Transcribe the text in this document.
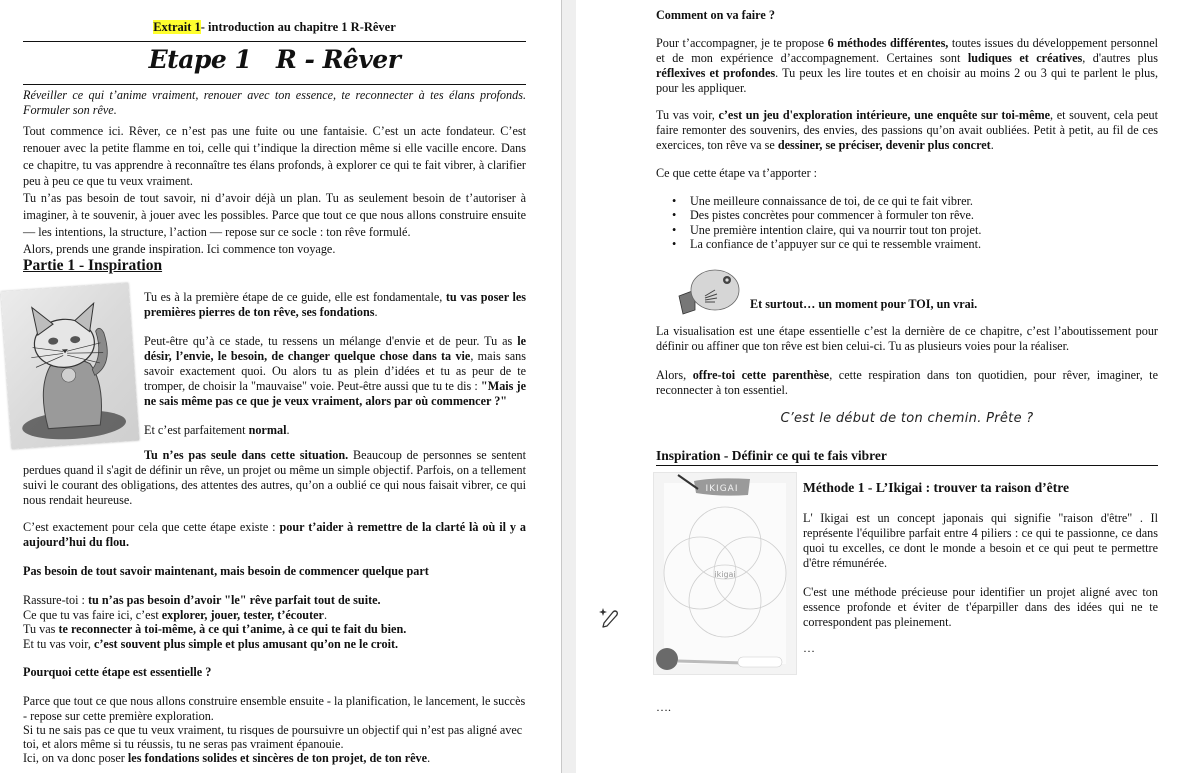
Extrait 1- introduction au chapitre 1 R-Rêver
Etape 1   R - Rêver
Réveiller ce qui t’anime vraiment, renouer avec ton essence, te reconnecter à tes élans profonds. Formuler son rêve.
Tout commence ici. Rêver, ce n’est pas une fuite ou une fantaisie. C’est un acte fondateur. C’est renouer avec la petite flamme en toi, celle qui t’indique la direction même si elle vacille encore. Dans ce chapitre, tu vas apprendre à reconnaître tes élans profonds, à explorer ce qui te fait vibrer, à clarifier peu à peu ce que tu veux vraiment.
Tu n’as pas besoin de tout savoir, ni d’avoir déjà un plan. Tu as seulement besoin de t’autoriser à imaginer, à te souvenir, à jouer avec les possibles. Parce que tout ce que nous allons construire ensuite — les intentions, la structure, l’action — repose sur ce socle : ton rêve formulé.
Alors, prends une grande inspiration. Ici commence ton voyage.
Partie 1 - Inspiration

Tu es à la première étape de ce guide, elle est fondamentale, tu vas poser les premières pierres de ton rêve, ses fondations.

Peut-être qu’à ce stade, tu ressens un mélange d'envie et de peur. Tu as le désir, l’envie, le besoin, de changer quelque chose dans ta vie, mais sans savoir exactement quoi. Ou alors tu as plein d’idées et tu as peur de te tromper, de choisir la "mauvaise" voie. Peut-être aussi que tu te dis : "Mais je ne sais même pas ce que je veux vraiment, alors par où commencer ?"

Et c’est parfaitement normal.

Tu n’es pas seule dans cette situation. Beaucoup de personnes se sentent perdues quand il s'agit de définir un rêve, un projet ou même un simple objectif. Parfois, on a tellement suivi le courant des obligations, des attentes des autres, qu’on a oublié ce qui nous faisait vibrer, ce qui nous rendait heureuse.

C’est exactement pour cela que cette étape existe : pour t’aider à remettre de la clarté là où il y a aujourd’hui du flou.

Pas besoin de tout savoir maintenant, mais besoin de commencer quelque part

Rassure-toi : tu n’as pas besoin d’avoir "le" rêve parfait tout de suite.
Ce que tu vas faire ici, c’est explorer, jouer, tester, t’écouter.
Tu vas te reconnecter à toi-même, à ce qui t’anime, à ce qui te fait du bien.
Et tu vas voir, c’est souvent plus simple et plus amusant qu’on ne le croit.

Pourquoi cette étape est essentielle ?

Parce que tout ce que nous allons construire ensemble ensuite - la planification, le lancement, le succès - repose sur cette première exploration.
Si tu ne sais pas ce que tu veux vraiment, tu risques de poursuivre un objectif qui n’est pas aligné avec toi, et alors même si tu réussis, tu ne seras pas vraiment épanouie.
Ici, on va donc poser les fondations solides et sincères de ton projet, de ton rêve.

Comment on va faire ?

Pour t’accompagner, je te propose 6 méthodes différentes, toutes issues du développement personnel et de mon expérience d’accompagnement. Certaines sont ludiques et créatives, d'autres plus réflexives et profondes. Tu peux les lire toutes et en choisir au moins 2 ou 3 qui te parlent le plus, pour les appliquer.

Tu vas voir, c’est un jeu d'exploration intérieure, une enquête sur toi-même, et souvent, cela peut faire remonter des souvenirs, des envies, des passions qu’on avait oubliées. Petit à petit, au fil de ces exercices, ton rêve va se dessiner, se préciser, devenir plus concret.

Ce que cette étape va t’apporter :
• Une meilleure connaissance de toi, de ce qui te fait vibrer.
• Des pistes concrètes pour commencer à formuler ton rêve.
• Une première intention claire, qui va nourrir tout ton projet.
• La confiance de t’appuyer sur ce qui te ressemble vraiment.
Et surtout… un moment pour TOI, un vrai.

La visualisation est une étape essentielle c’est la dernière de ce chapitre, c’est l’aboutissement pour définir ou affiner que ton rêve est bien celui-ci. Tu as plusieurs voies pour la réaliser.

Alors, offre-toi cette parenthèse, cette respiration dans ton quotidien, pour rêver, imaginer, te reconnecter à ton essentiel.

C’est le début de ton chemin. Prête ?
Inspiration - Définir ce qui te fais vibrer
IKIGAI
ikigai
Méthode 1 - L’Ikigai : trouver ta raison d’être

L' Ikigai est un concept japonais qui signifie "raison d'être" . Il représente l'équilibre parfait entre 4 piliers : ce qui te passionne, ce dans quoi tu excelles, ce dont le monde a besoin et ce qui peut te permettre d'être rémunérée.

C'est une méthode précieuse pour identifier un projet aligné avec ton essence profonde et éviter de t'éparpiller dans des idées qui ne te correspondent pas pleinement.

…
….
